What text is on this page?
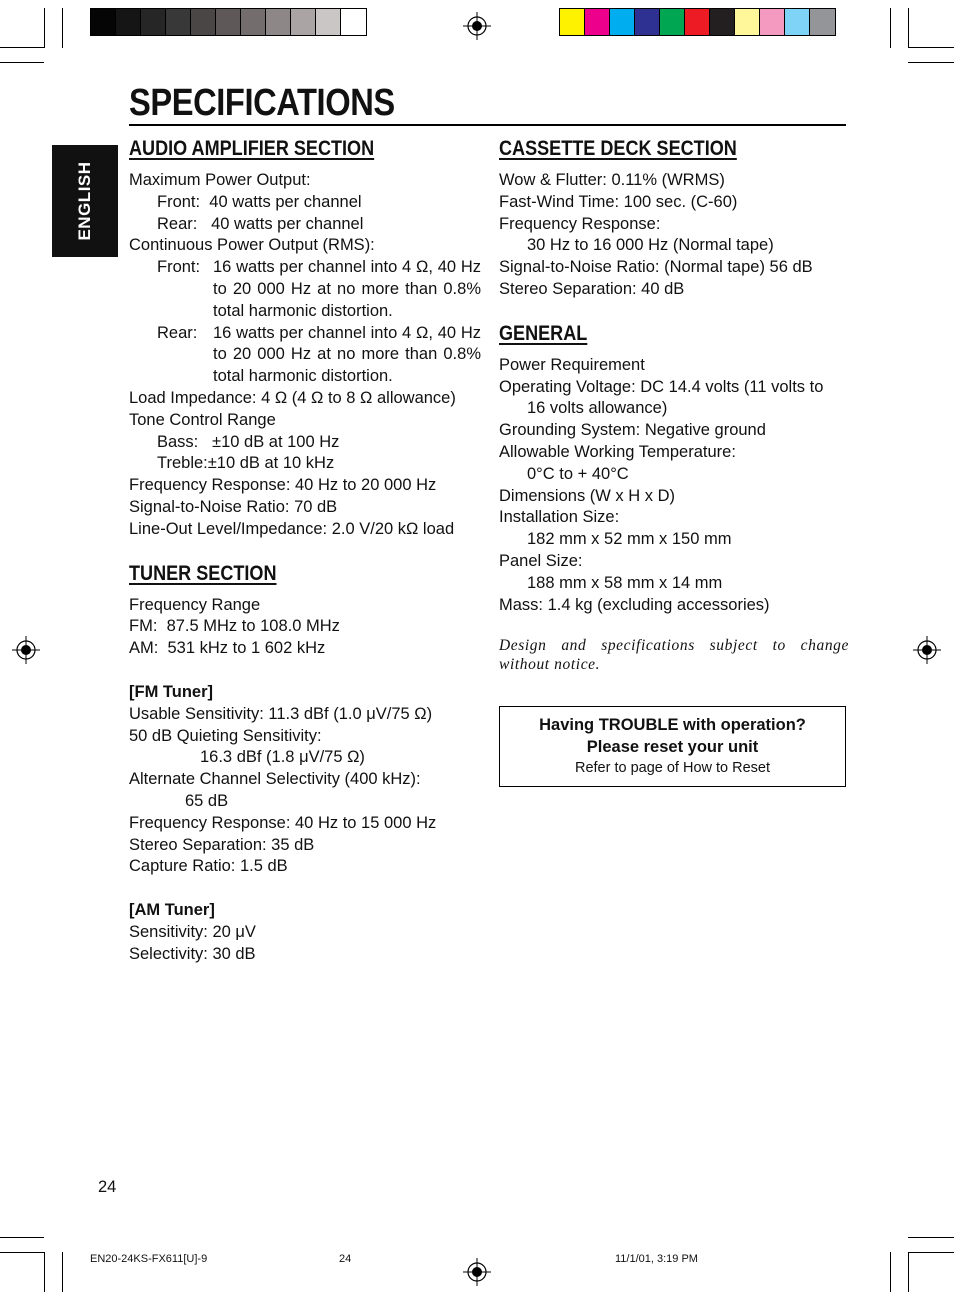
SPECIFICATIONS
ENGLISH
AUDIO AMPLIFIER SECTION
Maximum Power Output:
Front: 40 watts per channel
Rear: 40 watts per channel
Continuous Power Output (RMS):
Front: 16 watts per channel into 4 Ω, 40 Hz to 20 000 Hz at no more than 0.8% total harmonic distortion.
Rear: 16 watts per channel into 4 Ω, 40 Hz to 20 000 Hz at no more than 0.8% total harmonic distortion.
Load Impedance: 4 Ω (4 Ω to 8 Ω allowance)
Tone Control Range
Bass:   ±10 dB at 100 Hz
Treble:±10 dB at 10 kHz
Frequency Response: 40 Hz to 20 000 Hz
Signal-to-Noise Ratio: 70 dB
Line-Out Level/Impedance: 2.0 V/20 kΩ load
TUNER SECTION
Frequency Range
FM:  87.5 MHz to 108.0 MHz
AM:  531 kHz to 1 602 kHz
[FM Tuner]
Usable Sensitivity: 11.3 dBf (1.0 μV/75 Ω)
50 dB Quieting Sensitivity:
16.3 dBf (1.8 μV/75 Ω)
Alternate Channel Selectivity (400 kHz):
65 dB
Frequency Response: 40 Hz to 15 000 Hz
Stereo Separation: 35 dB
Capture Ratio: 1.5 dB
[AM Tuner]
Sensitivity: 20 μV
Selectivity: 30 dB
CASSETTE DECK SECTION
Wow & Flutter: 0.11% (WRMS)
Fast-Wind Time: 100 sec. (C-60)
Frequency Response:
30 Hz to 16 000 Hz (Normal tape)
Signal-to-Noise Ratio: (Normal tape) 56 dB
Stereo Separation: 40 dB
GENERAL
Power Requirement
Operating Voltage: DC 14.4 volts (11 volts to
16 volts allowance)
Grounding System: Negative ground
Allowable Working Temperature:
0°C to + 40°C
Dimensions (W x H x D)
Installation Size:
182 mm x 52 mm x 150 mm
Panel Size:
188 mm x 58 mm x 14 mm
Mass: 1.4 kg (excluding accessories)
Design and specifications subject to change without notice.
Having TROUBLE with operation?
Please reset your unit
Refer to page of How to Reset
24
EN20-24KS-FX611[U]-9	24	11/1/01, 3:19 PM
